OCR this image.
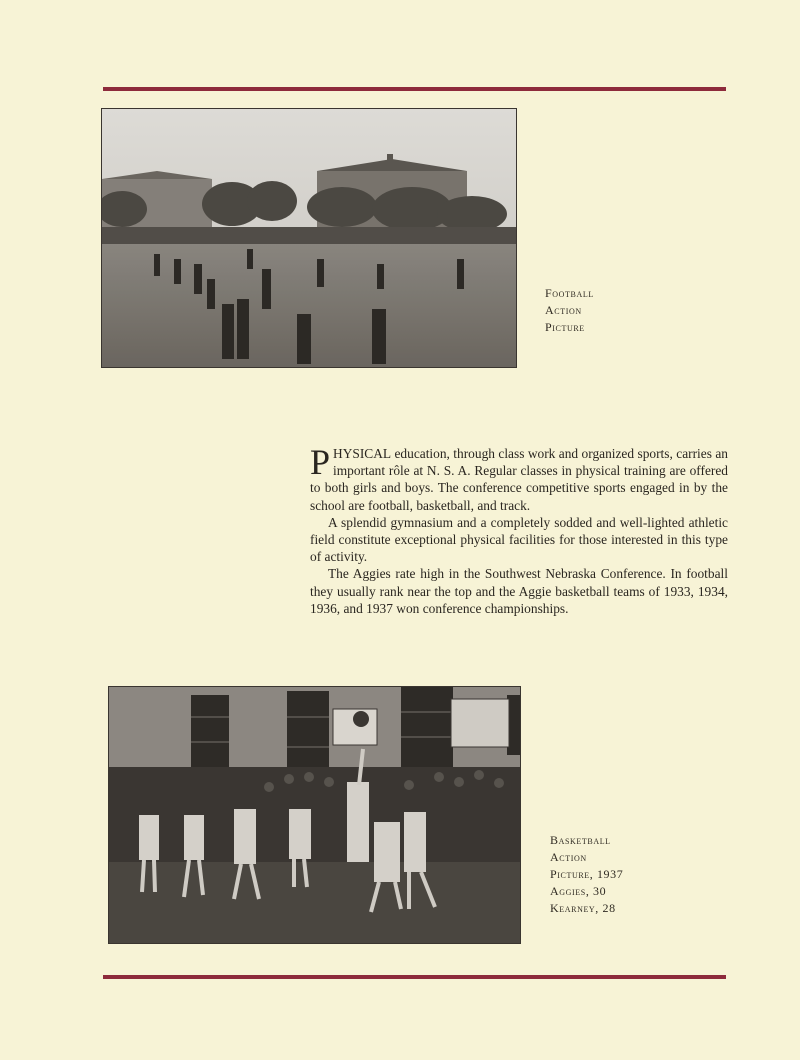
Football
Action
Picture

PHYSICAL education, through class work and organized sports, carries an important rôle at N. S. A. Regular classes in physical training are offered to both girls and boys. The conference competitive sports engaged in by the school are football, basketball, and track.

A splendid gymnasium and a completely sodded and well-lighted athletic field constitute exceptional physical facilities for those interested in this type of activity.

The Aggies rate high in the Southwest Nebraska Conference. In football they usually rank near the top and the Aggie basketball teams of 1933, 1934, 1936, and 1937 won conference championships.

Basketball
Action
Picture, 1937
Aggies, 30
Kearney, 28
